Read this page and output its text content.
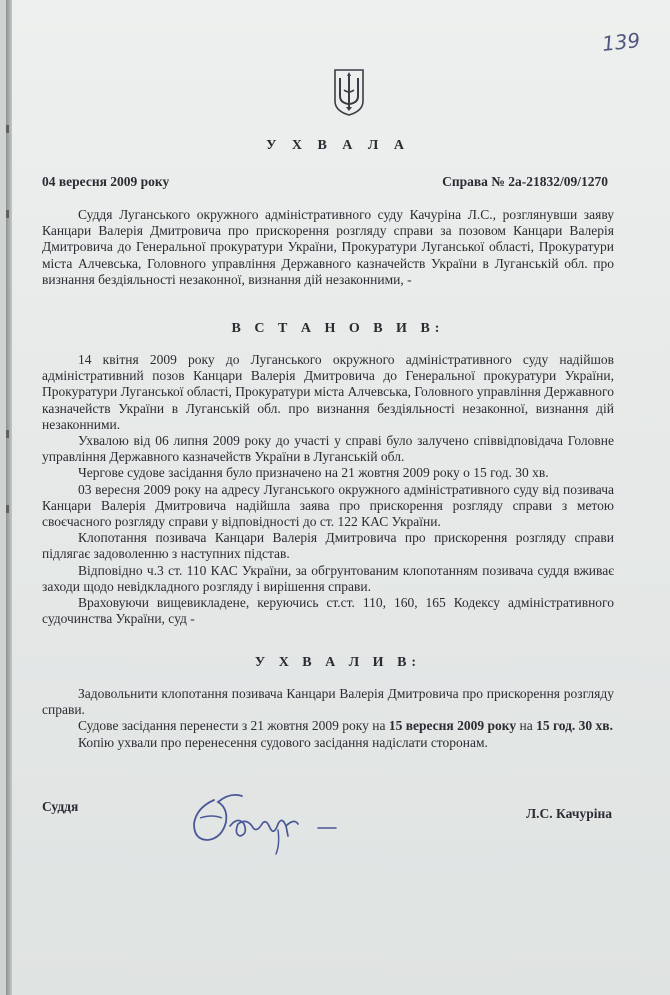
139
У Х В А Л А
04 вересня 2009 року	Справа № 2а-21832/09/1270

Суддя Луганського окружного адміністративного суду Качуріна Л.С., розглянувши заяву Канцари Валерія Дмитровича про прискорення розгляду справи за позовом Канцари Валерія Дмитровича до Генеральної прокуратури України, Прокуратури Луганської області, Прокуратури міста Алчевська, Головного управління Державного казначейств України в Луганській обл. про визнання бездіяльності незаконної, визнання дій незаконними, -

В С Т А Н О В И В:

14 квітня 2009 року до Луганського окружного адміністративного суду надійшов адміністративний позов Канцари Валерія Дмитровича до Генеральної прокуратури України, Прокуратури Луганської області, Прокуратури міста Алчевська, Головного управління Державного казначейств України в Луганській обл. про визнання бездіяльності незаконної, визнання дій незаконними.

Ухвалою від 06 липня 2009 року до участі у справі було залучено співвідповідача Головне управління Державного казначейств України в Луганській обл.

Чергове судове засідання було призначено на 21 жовтня 2009 року о 15 год. 30 хв.

03 вересня 2009 року на адресу Луганського окружного адміністративного суду від позивача Канцари Валерія Дмитровича надійшла заява про прискорення розгляду справи з метою своєчасного розгляду справи у відповідності до ст. 122 КАС України.

Клопотання позивача Канцари Валерія Дмитровича про прискорення розгляду справи підлягає задоволенню з наступних підстав.

Відповідно ч.3 ст. 110 КАС України, за обгрунтованим клопотанням позивача суддя вживає заходи щодо невідкладного розгляду і вирішення справи.

Враховуючи вищевикладене, керуючись ст.ст. 110, 160, 165 Кодексу адміністративного судочинства України, суд -

У Х В А Л И В:

Задовольнити клопотання позивача Канцари Валерія Дмитровича про прискорення розгляду справи.

Судове засідання перенести з 21 жовтня 2009 року на 15 вересня 2009 року на 15 год. 30 хв.

Копію ухвали про перенесення судового засідання надіслати сторонам.

Суддя	Л.С. Качуріна
